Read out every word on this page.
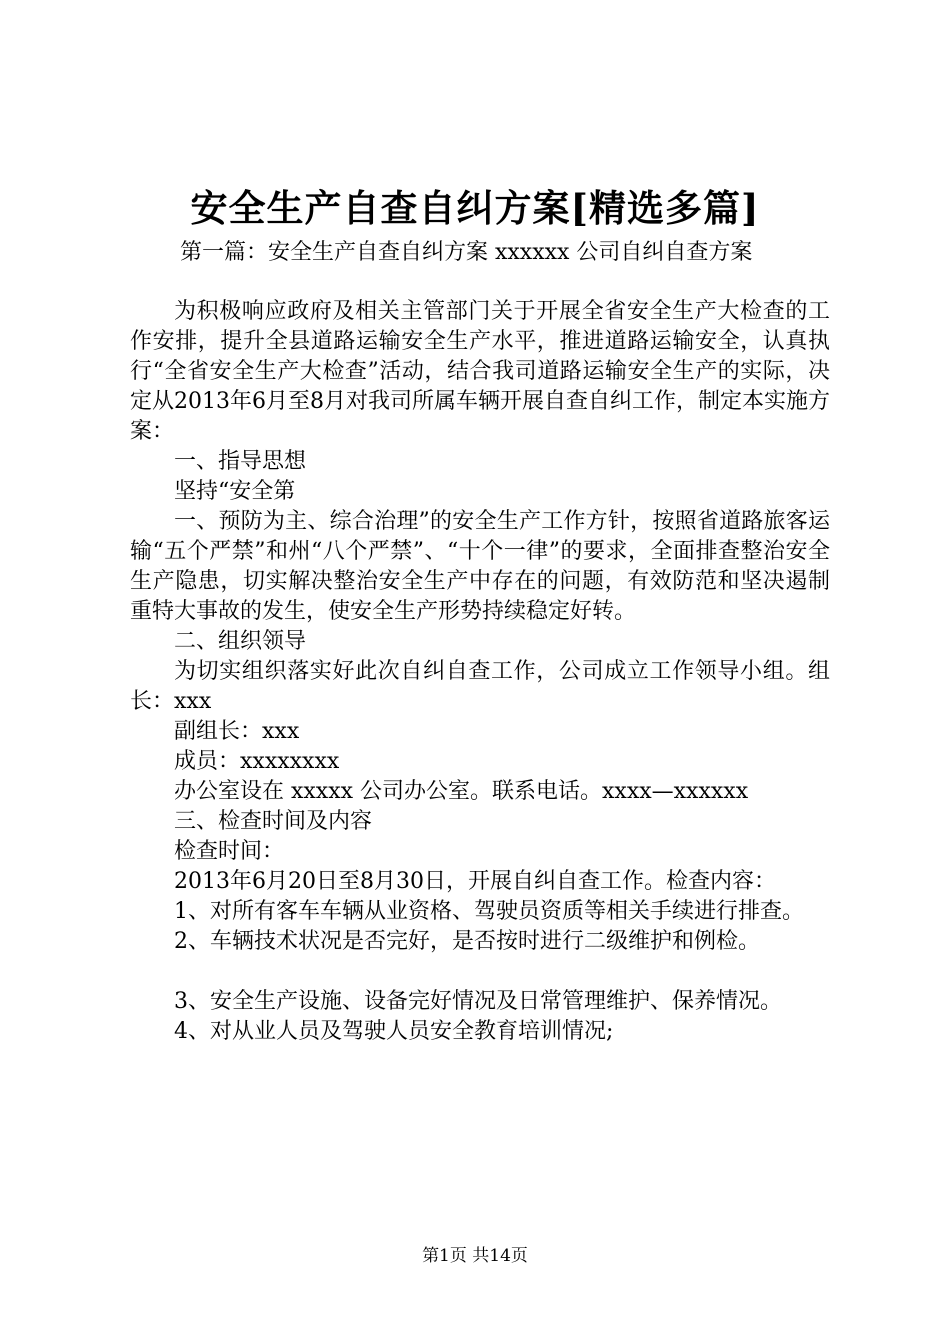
安全生产自查自纠方案[精选多篇]
第一篇：安全生产自查自纠方案 xxxxxx 公司自纠自查方案

为积极响应政府及相关主管部门关于开展全省安全生产大检查的工作安排，提升全县道路运输安全生产水平，推进道路运输安全，认真执行“全省安全生产大检查”活动，结合我司道路运输安全生产的实际，决定从2013年6月至8月对我司所属车辆开展自查自纠工作，制定本实施方案：

一、指导思想

坚持“安全第

一、预防为主、综合治理”的安全生产工作方针，按照省道路旅客运输“五个严禁”和州“八个严禁”、“十个一律”的要求，全面排查整治安全生产隐患，切实解决整治安全生产中存在的问题，有效防范和坚决遏制重特大事故的发生，使安全生产形势持续稳定好转。

二、组织领导

为切实组织落实好此次自纠自查工作，公司成立工作领导小组。组长：xxx

副组长：xxx

成员：xxxxxxxx

办公室设在 xxxxx 公司办公室。联系电话。xxxx—xxxxxx

三、检查时间及内容

检查时间：

2013年6月20日至8月30日，开展自纠自查工作。检查内容：

1、对所有客车车辆从业资格、驾驶员资质等相关手续进行排查。

2、车辆技术状况是否完好，是否按时进行二级维护和例检。

3、安全生产设施、设备完好情况及日常管理维护、保养情况。

4、对从业人员及驾驶人员安全教育培训情况;

第1页 共14页
